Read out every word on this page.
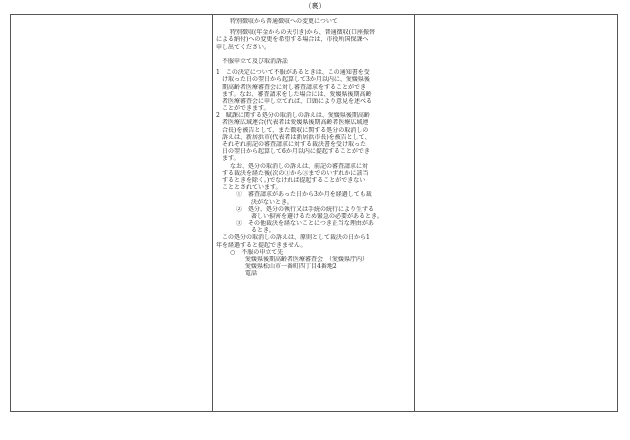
（裏）
特別徴収から普通徴収への変更について
特別徴収(年金からの天引き)から、普通徴収(口座振替
による納付)への変更を希望する場合は、市役所国保課へ
申し出てください。
不服申立て及び取消訴訟
1　この決定について不服があるときは、この通知書を受
け取った日の翌日から起算して3か月以内に、愛媛県後
期高齢者医療審査会に対し審査請求をすることができ
ます。なお、審査請求をした場合には、愛媛県後期高齢
者医療審査会に申し立てれば、口頭により意見を述べる
ことができます。
2　賦課に関する処分の取消しの訴えは、愛媛県後期高齢
者医療広域連合(代表者は愛媛県後期高齢者医療広域連
合長)を被告として、また徴収に関する処分の取消しの
訴えは、新居浜市(代表者は新居浜市長)を被告として、
それぞれ前記の審査請求に対する裁決書を受け取った
日の翌日から起算して6か月以内に提起することができ
ます。
なお、処分の取消しの訴えは、前記の審査請求に対
する裁決を経た後(次の①から③までのいずれかに該当
するときを除く。)でなければ提起することができない
こととされています。
①　審査請求があった日から3か月を経過しても裁
決がないとき。
②　処分、処分の執行又は手続の続行により生ずる
著しい損害を避けるため緊急の必要があるとき。
③　その他裁決を経ないことにつき正当な理由があ
るとき。
この処分の取消しの訴えは、原則として裁決の日から1
年を経過すると提起できません。
○　不服の申立て先
愛媛県後期高齢者医療審査会　（愛媛県庁内）
愛媛県松山市一番町四丁目4番地2
電話
